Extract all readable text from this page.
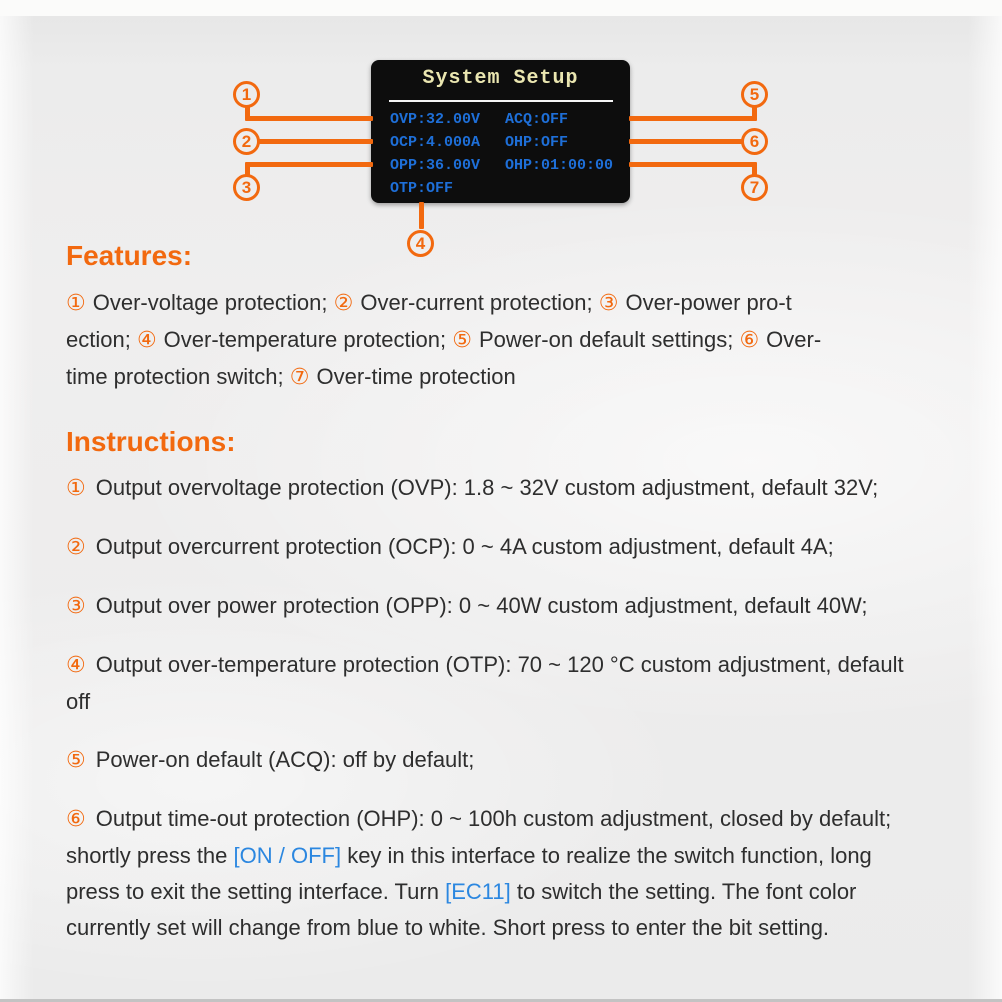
System Setup
OVP:32.00V	ACQ:OFF
OCP:4.000A	OHP:OFF
OPP:36.00V	OHP:01:00:00
OTP:OFF
1
2
3
4
5
6
7
Features:

① Over-voltage protection; ② Over-current protection; ③ Over-power pro-t
ection; ④ Over-temperature protection; ⑤ Power-on default settings; ⑥ Over-
time protection switch; ⑦ Over-time protection

Instructions:

① Output overvoltage protection (OVP): 1.8 ~ 32V custom adjustment, default 32V;

② Output overcurrent protection (OCP): 0 ~ 4A custom adjustment, default 4A;

③ Output over power protection (OPP): 0 ~ 40W custom adjustment, default 40W;

④ Output over-temperature protection (OTP): 70 ~ 120 °C custom adjustment, default off

⑤ Power-on default (ACQ): off by default;

⑥ Output time-out protection (OHP): 0 ~ 100h custom adjustment, closed by default; shortly press the [ON / OFF] key in this interface to realize the switch function, long press to exit the setting interface. Turn [EC11] to switch the setting. The font color currently set will change from blue to white. Short press to enter the bit setting.
